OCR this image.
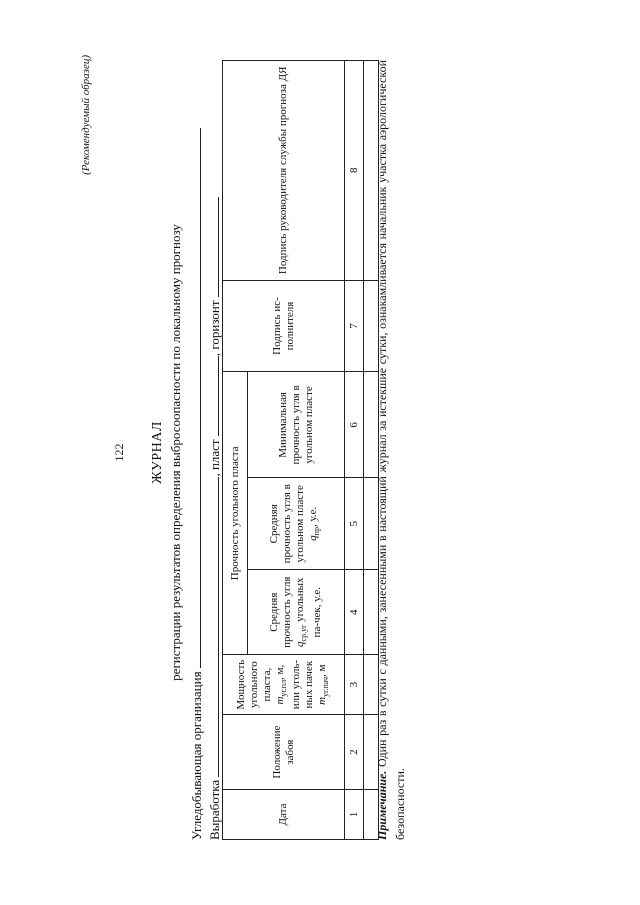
(Рекомендуемый образец)
122 ЖУРНАЛ регистрации результатов определения выбросоопасности по локальному прогнозу
Угледобывающая организация Выработка , пласт , горизонт
Дата	Положение забоя	Мощность угольного пласта, $m_{уг.пл}$, м, или уголь-ных пачек $m_{уг.пач}$, м	Прочность угольного пласта			Подпись ис-полнителя	Подпись руководителя службы прогноза ДЯ
			Средняя прочность угля $q_{ср.уг}$ угольных па-чек, у.е.	Средняя прочность угля в угольном пласте $q_{пр}$, у.е.	Минимальная прочность угля в угольном пласте		
1	2	3	4	5	6	7	8

Примечание. Один раз в сутки с данными, занесенными в настоящий журнал за истекшие сутки, ознакамливается начальник участка аэрологической безопасности.
